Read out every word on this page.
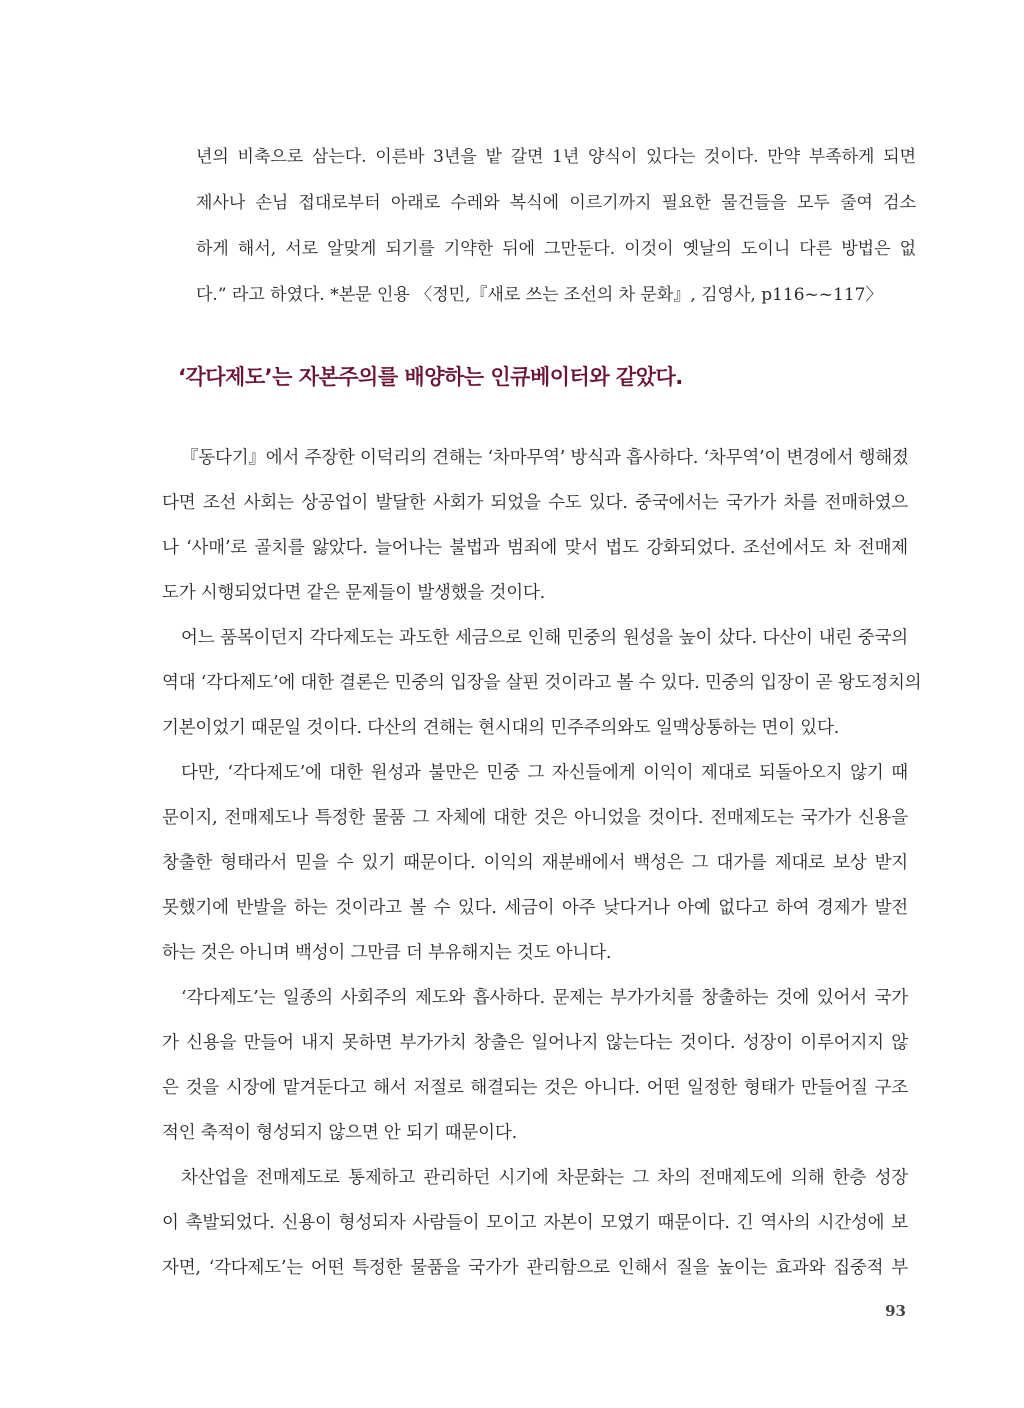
년의 비축으로 삼는다. 이른바 3년을 밭 갈면 1년 양식이 있다는 것이다. 만약 부족하게 되면
제사나 손님 접대로부터 아래로 수레와 복식에 이르기까지 필요한 물건들을 모두 줄여 검소
하게 해서, 서로 알맞게 되기를 기약한 뒤에 그만둔다. 이것이 옛날의 도이니 다른 방법은 없
다.” 라고 하였다. *본문 인용 〈정민,『새로 쓰는 조선의 차 문화』, 김영사, p116~~117〉
‘각다제도’는 자본주의를 배양하는 인큐베이터와 같았다.
『동다기』에서 주장한 이덕리의 견해는 ‘차마무역’ 방식과 흡사하다. ‘차무역’이 변경에서 행해졌
다면 조선 사회는 상공업이 발달한 사회가 되었을 수도 있다. 중국에서는 국가가 차를 전매하였으
나 ‘사매’로 골치를 앓았다. 늘어나는 불법과 범죄에 맞서 법도 강화되었다. 조선에서도 차 전매제
도가 시행되었다면 같은 문제들이 발생했을 것이다.
어느 품목이던지 각다제도는 과도한 세금으로 인해 민중의 원성을 높이 샀다. 다산이 내린 중국의
역대 ‘각다제도’에 대한 결론은 민중의 입장을 살핀 것이라고 볼 수 있다. 민중의 입장이 곧 왕도정치의
기본이었기 때문일 것이다. 다산의 견해는 현시대의 민주주의와도 일맥상통하는 면이 있다.
다만, ‘각다제도’에 대한 원성과 불만은 민중 그 자신들에게 이익이 제대로 되돌아오지 않기 때
문이지, 전매제도나 특정한 물품 그 자체에 대한 것은 아니었을 것이다. 전매제도는 국가가 신용을
창출한 형태라서 믿을 수 있기 때문이다. 이익의 재분배에서 백성은 그 대가를 제대로 보상 받지
못했기에 반발을 하는 것이라고 볼 수 있다. 세금이 아주 낮다거나 아예 없다고 하여 경제가 발전
하는 것은 아니며 백성이 그만큼 더 부유해지는 것도 아니다.
‘각다제도’는 일종의 사회주의 제도와 흡사하다. 문제는 부가가치를 창출하는 것에 있어서 국가
가 신용을 만들어 내지 못하면 부가가치 창출은 일어나지 않는다는 것이다. 성장이 이루어지지 않
은 것을 시장에 맡겨둔다고 해서 저절로 해결되는 것은 아니다. 어떤 일정한 형태가 만들어질 구조
적인 축적이 형성되지 않으면 안 되기 때문이다.
차산업을 전매제도로 통제하고 관리하던 시기에 차문화는 그 차의 전매제도에 의해 한층 성장
이 촉발되었다. 신용이 형성되자 사람들이 모이고 자본이 모였기 때문이다. 긴 역사의 시간성에 보
자면, ‘각다제도’는 어떤 특정한 물품을 국가가 관리함으로 인해서 질을 높이는 효과와 집중적 부
93
